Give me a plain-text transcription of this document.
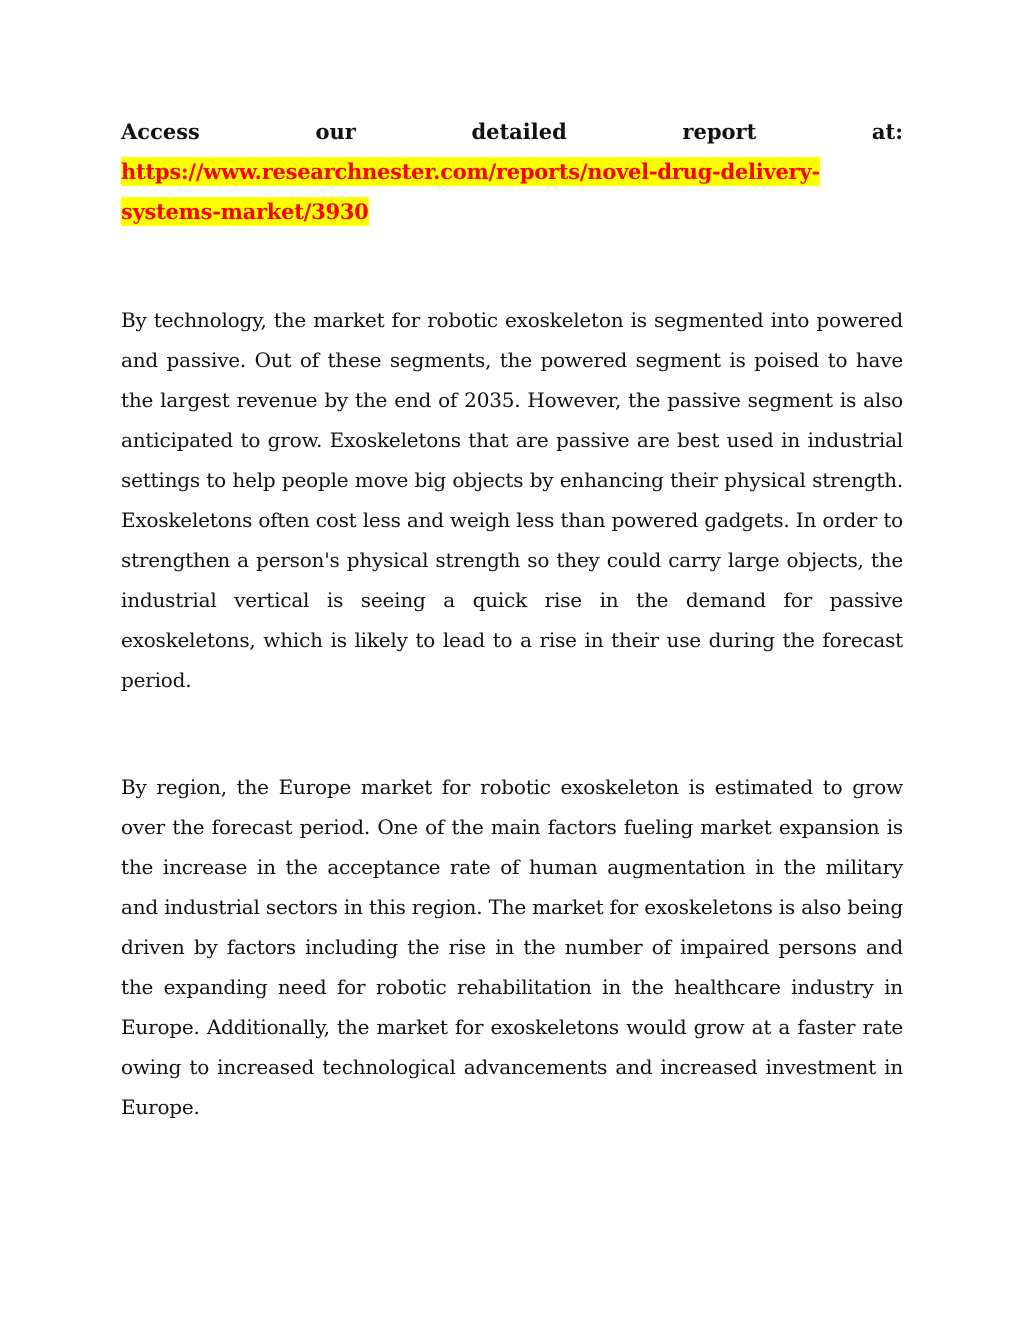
Access	our	detailed	report	at:
https://www.researchnester.com/reports/novel-drug-delivery-
systems-market/3930

By technology, the market for robotic exoskeleton is segmented into powered and passive. Out of these segments, the powered segment is poised to have the largest revenue by the end of 2035. However, the passive segment is also anticipated to grow. Exoskeletons that are passive are best used in industrial settings to help people move big objects by enhancing their physical strength. Exoskeletons often cost less and weigh less than powered gadgets. In order to strengthen a person's physical strength so they could carry large objects, the industrial vertical is seeing a quick rise in the demand for passive exoskeletons, which is likely to lead to a rise in their use during the forecast period.

By region, the Europe market for robotic exoskeleton is estimated to grow over the forecast period. One of the main factors fueling market expansion is the increase in the acceptance rate of human augmentation in the military and industrial sectors in this region. The market for exoskeletons is also being driven by factors including the rise in the number of impaired persons and the expanding need for robotic rehabilitation in the healthcare industry in Europe. Additionally, the market for exoskeletons would grow at a faster rate owing to increased technological advancements and increased investment in Europe.
